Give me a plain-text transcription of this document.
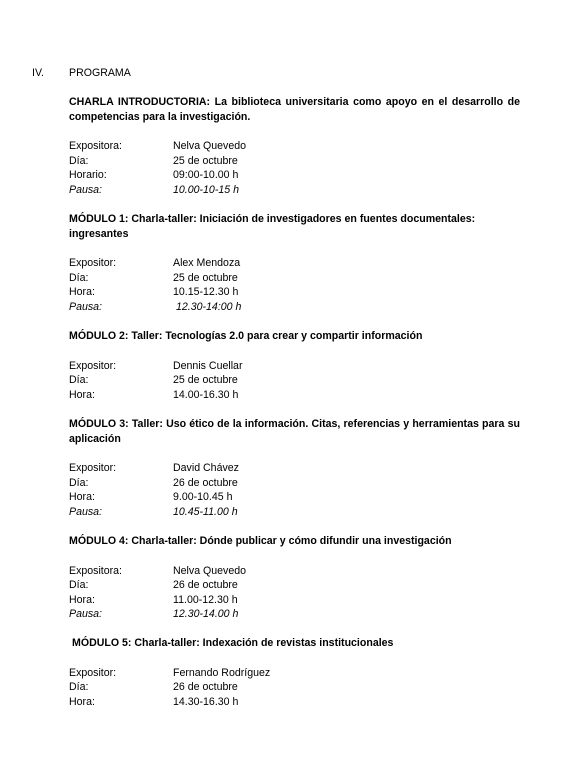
IV. PROGRAMA

CHARLA INTRODUCTORIA: La biblioteca universitaria como apoyo en el desarrollo de competencias para la investigación.

Expositora:	Nelva Quevedo
Día:	25 de octubre
Horario:	09:00-10.00 h
Pausa:	10.00-10-15 h

MÓDULO 1: Charla-taller: Iniciación de investigadores en fuentes documentales: ingresantes

Expositor:	Alex Mendoza
Día:	25 de octubre
Hora:	10.15-12.30 h
Pausa:	12.30-14:00 h

MÓDULO 2: Taller: Tecnologías 2.0 para crear y compartir información

Expositor:	Dennis Cuellar
Día:	25 de octubre
Hora:	14.00-16.30 h

MÓDULO 3: Taller: Uso ético de la información. Citas, referencias y herramientas para su aplicación

Expositor:	David Chávez
Día:	26 de octubre
Hora:	9.00-10.45 h
Pausa:	10.45-11.00 h

MÓDULO 4: Charla-taller: Dónde publicar y cómo difundir una investigación

Expositora:	Nelva Quevedo
Día:	26 de octubre
Hora:	11.00-12.30 h
Pausa:	12.30-14.00 h

MÓDULO 5: Charla-taller: Indexación de revistas institucionales

Expositor:	Fernando Rodríguez
Día:	26 de octubre
Hora:	14.30-16.30 h
